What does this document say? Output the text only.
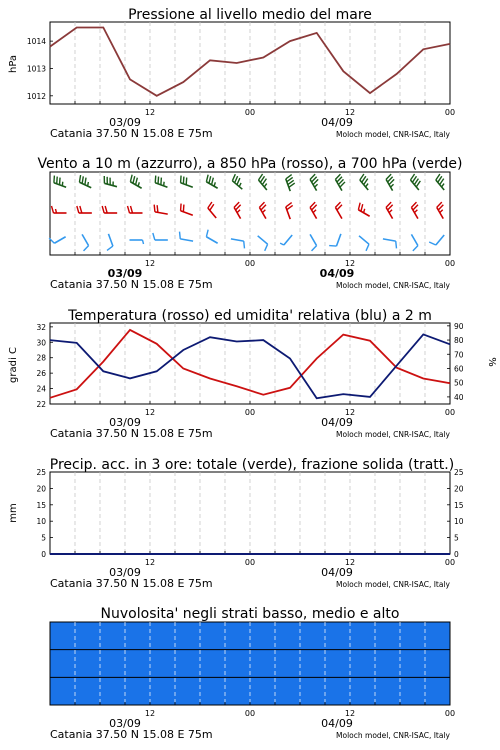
Pressione al livello medio del mare
hPa
Vento a 10 m (azzurro), a 850 hPa (rosso), a 700 hPa (verde)
Temperatura (rosso) ed umidita' relativa (blu) a 2 m
gradi C	%
Precip. acc. in 3 ore: totale (verde), frazione solida (tratt.)
mm
Nuvolosita' negli strati basso, medio e alto
12	00	12	00
03/09	04/09
Catania 37.50 N 15.08 E 75m	Moloch model, CNR-ISAC, Italy
1012
1013
1014
12	00	12	00
03/09	04/09
Catania 37.50 N 15.08 E 75m	Moloch model, CNR-ISAC, Italy
12	00	12	00
03/09	04/09
Catania 37.50 N 15.08 E 75m	Moloch model, CNR-ISAC, Italy
22
24
26
28
30
32
40
50
60
70
80
90
12	00	12	00
03/09	04/09
Catania 37.50 N 15.08 E 75m	Moloch model, CNR-ISAC, Italy
0
5
10
15
20
25
0
5
10
15
20
25
12	00	12	00
03/09	04/09
Catania 37.50 N 15.08 E 75m	Moloch model, CNR-ISAC, Italy
